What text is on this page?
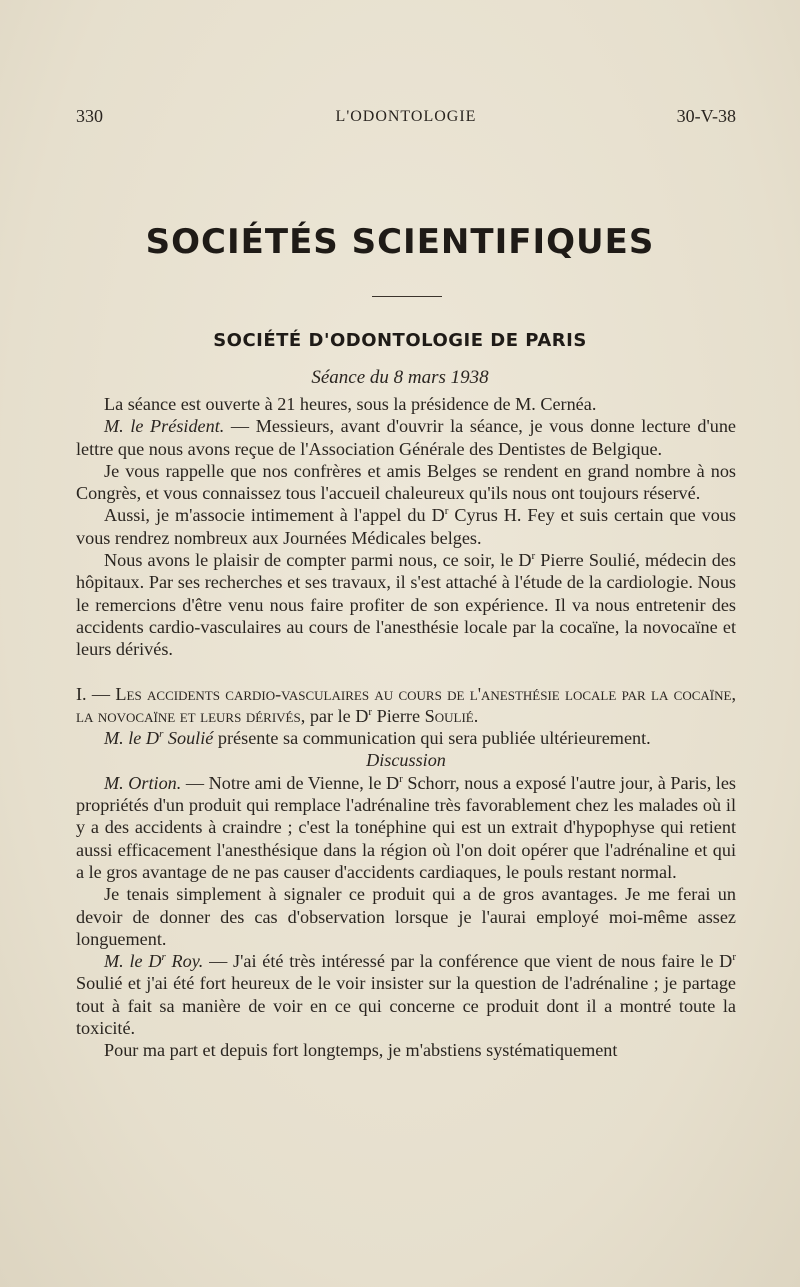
330	L'ODONTOLOGIE	30-V-38
SOCIÉTÉS SCIENTIFIQUES
SOCIÉTÉ D'ODONTOLOGIE DE PARIS
Séance du 8 mars 1938

La séance est ouverte à 21 heures, sous la présidence de M. Cernéa.

M. le Président. — Messieurs, avant d'ouvrir la séance, je vous donne lecture d'une lettre que nous avons reçue de l'Association Générale des Dentistes de Belgique.

Je vous rappelle que nos confrères et amis Belges se rendent en grand nombre à nos Congrès, et vous connaissez tous l'accueil chaleureux qu'ils nous ont toujours réservé.

Aussi, je m'associe intimement à l'appel du $D^r$ Cyrus H. Fey et suis certain que vous vous rendrez nombreux aux Journées Médicales belges.

Nous avons le plaisir de compter parmi nous, ce soir, le $D^r$ Pierre Soulié, médecin des hôpitaux. Par ses recherches et ses travaux, il s'est attaché à l'étude de la cardiologie. Nous le remercions d'être venu nous faire profiter de son expérience. Il va nous entretenir des accidents cardio-vasculaires au cours de l'anesthésie locale par la cocaïne, la novocaïne et leurs dérivés.

I. — Les accidents cardio-vasculaires au cours de l'anesthésie locale par la cocaïne, la novocaïne et leurs dérivés, par le $D^r$ Pierre Soulié.

M. le $D^r$ Soulié présente sa communication qui sera publiée ultérieurement.

Discussion

M. Ortion. — Notre ami de Vienne, le $D^r$ Schorr, nous a exposé l'autre jour, à Paris, les propriétés d'un produit qui remplace l'adrénaline très favorablement chez les malades où il y a des accidents à craindre ; c'est la tonéphine qui est un extrait d'hypophyse qui retient aussi efficacement l'anesthésique dans la région où l'on doit opérer que l'adrénaline et qui a le gros avantage de ne pas causer d'accidents cardiaques, le pouls restant normal.

Je tenais simplement à signaler ce produit qui a de gros avantages. Je me ferai un devoir de donner des cas d'observation lorsque je l'aurai employé moi-même assez longuement.

M. le $D^r$ Roy. — J'ai été très intéressé par la conférence que vient de nous faire le $D^r$ Soulié et j'ai été fort heureux de le voir insister sur la question de l'adrénaline ; je partage tout à fait sa manière de voir en ce qui concerne ce produit dont il a montré toute la toxicité.

Pour ma part et depuis fort longtemps, je m'abstiens systématiquement
